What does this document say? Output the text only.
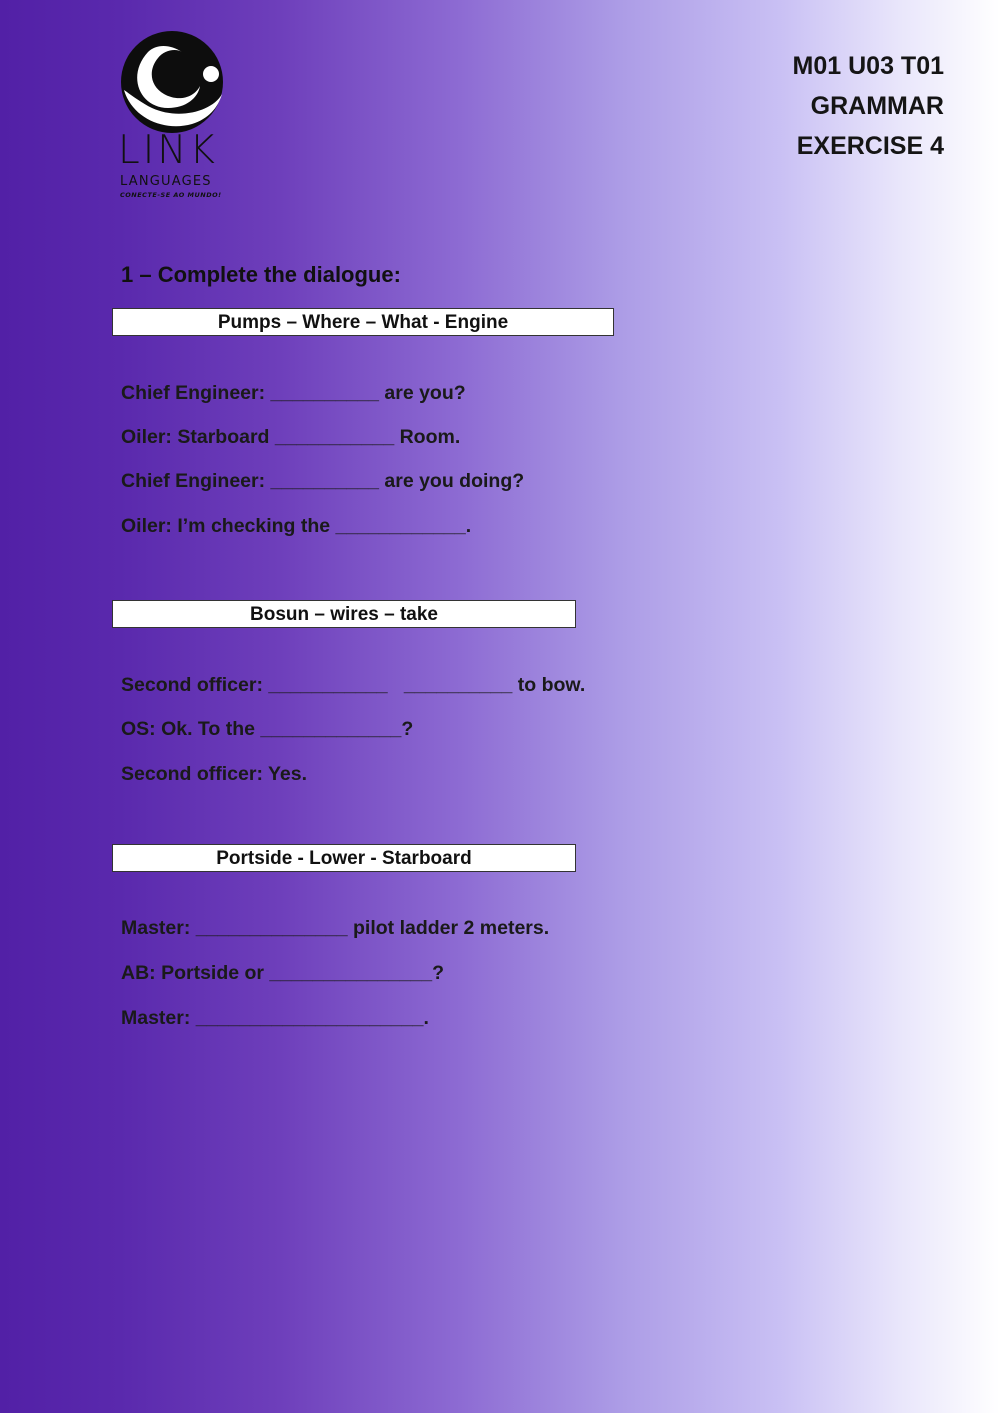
LINK
LANGUAGES
CONECTE-SE AO MUNDO!
M01 U03 T01
GRAMMAR
EXERCISE 4
1 – Complete the dialogue:
Pumps – Where – What - Engine
Chief Engineer: __________ are you?
Oiler: Starboard ___________ Room.
Chief Engineer: __________ are you doing?
Oiler: I’m checking the ____________.
Bosun – wires – take
Second officer: ___________   __________ to bow.
OS: Ok. To the _____________?
Second officer: Yes.
Portside - Lower - Starboard
Master: ______________ pilot ladder 2 meters.
AB: Portside or _______________?
Master: _____________________.
